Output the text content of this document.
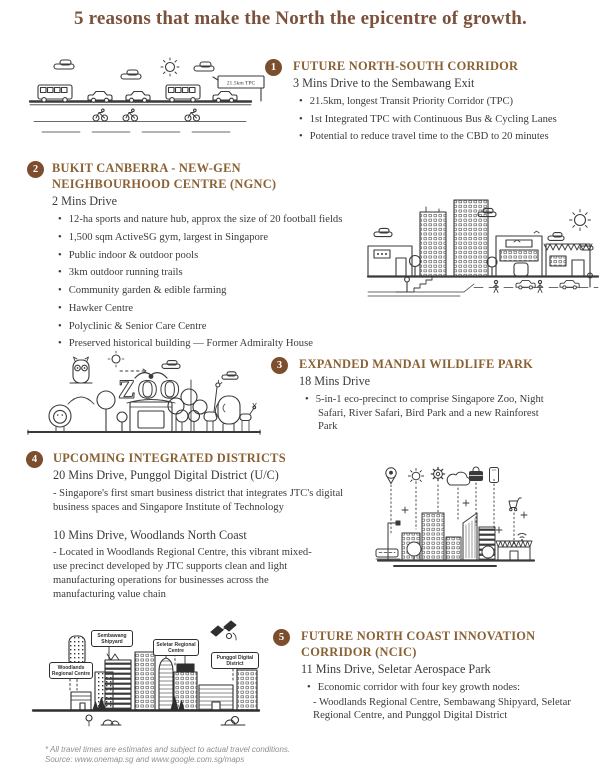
5 reasons that make the North the epicentre of growth.
21.5km TPC
1	FUTURE NORTH-SOUTH CORRIDOR
3 Mins Drive to the Sembawang Exit
• 21.5km, longest Transit Priority Corridor (TPC)
• 1st Integrated TPC with Continuous Bus & Cycling Lanes
• Potential to reduce travel time to the CBD to 20 minutes
2	BUKIT CANBERRA - NEW-GEN NEIGHBOURHOOD CENTRE (NGNC)
2 Mins Drive
• 12-ha sports and nature hub, approx the size of 20 football fields
• 1,500 sqm ActiveSG gym, largest in Singapore
• Public indoor & outdoor pools
• 3km outdoor running trails
• Community garden & edible farming
• Hawker Centre
• Polyclinic & Senior Care Centre
• Preserved historical building — Former Admiralty House
ZOO
3	EXPANDED MANDAI WILDLIFE PARK
18 Mins Drive
• 5-in-1 eco-precinct to comprise Singapore Zoo, Night Safari, River Safari, Bird Park and a new Rainforest Park
4	UPCOMING INTEGRATED DISTRICTS
20 Mins Drive, Punggol Digital District (U/C)

- Singapore's first smart business district that integrates JTC's digital business spaces and Singapore Institute of Technology

10 Mins Drive, Woodlands North Coast

- Located in Woodlands Regional Centre, this vibrant mixed-use precinct developed by JTC supports clean and light manufacturing operations for businesses across the manufacturing value chain

Woodlands Regional Centre
Sembawang Shipyard	Seletar Regional Centre
Punggol Digital District
5	FUTURE NORTH COAST INNOVATION CORRIDOR (NCIC)
11 Mins Drive, Seletar Aerospace Park
• Economic corridor with four key growth nodes:

- Woodlands Regional Centre, Sembawang Shipyard, Seletar Regional Centre, and Punggol Digital District

* All travel times are estimates and subject to actual travel conditions.
Source: www.onemap.sg and www.google.com.sg/maps
